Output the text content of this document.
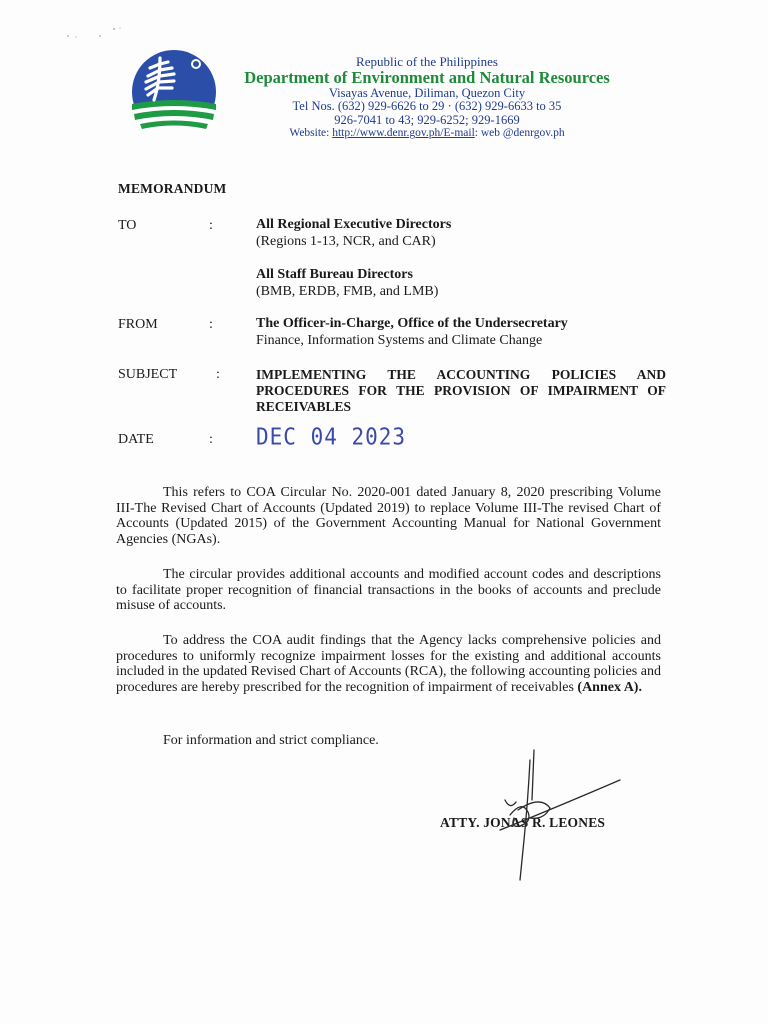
Republic of the Philippines
Department of Environment and Natural Resources
Visayas Avenue, Diliman, Quezon City
Tel Nos. (632) 929-6626 to 29 · (632) 929-6633 to 35
926-7041 to 43; 929-6252; 929-1669
Website: http://www.denr.gov.ph/E-mail: web @denrgov.ph
MEMORANDUM
TO	:	All Regional Executive Directors
(Regions 1-13, NCR, and CAR)
All Staff Bureau Directors
(BMB, ERDB, FMB, and LMB)
FROM	:	The Officer-in-Charge, Office of the Undersecretary
Finance, Information Systems and Climate Change
SUBJECT	:	IMPLEMENTING THE ACCOUNTING POLICIES AND PROCEDURES FOR THE PROVISION OF IMPAIRMENT OF RECEIVABLES
DATE	: DEC 04 2023
This refers to COA Circular No. 2020-001 dated January 8, 2020 prescribing Volume III-The Revised Chart of Accounts (Updated 2019) to replace Volume III-The revised Chart of Accounts (Updated 2015) of the Government Accounting Manual for National Government Agencies (NGAs).
The circular provides additional accounts and modified account codes and descriptions to facilitate proper recognition of financial transactions in the books of accounts and preclude misuse of accounts.
To address the COA audit findings that the Agency lacks comprehensive policies and procedures to uniformly recognize impairment losses for the existing and additional accounts included in the updated Revised Chart of Accounts (RCA), the following accounting policies and procedures are hereby prescribed for the recognition of impairment of receivables (Annex A).
For information and strict compliance.
ATTY. JONAS R. LEONES
